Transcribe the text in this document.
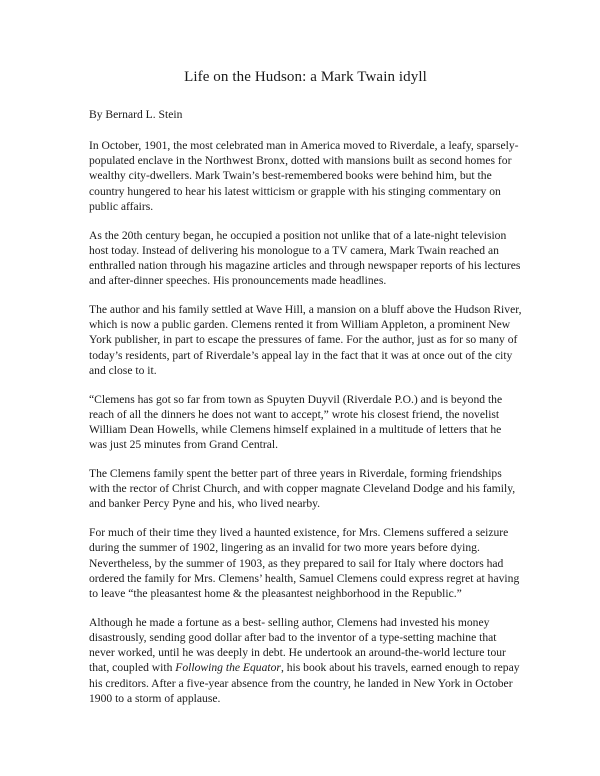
Life on the Hudson: a Mark Twain idyll

By Bernard L. Stein

In October, 1901, the most celebrated man in America moved to Riverdale, a leafy, sparsely-populated enclave in the Northwest Bronx, dotted with mansions built as second homes for wealthy city-dwellers. Mark Twain’s best-remembered books were behind him, but the country hungered to hear his latest witticism or grapple with his stinging commentary on public affairs.

As the 20th century began, he occupied a position not unlike that of a late-night television host today. Instead of delivering his monologue to a TV camera, Mark Twain reached an enthralled nation through his magazine articles and through newspaper reports of his lectures and after-dinner speeches. His pronouncements made headlines.

The author and his family settled at Wave Hill, a mansion on a bluff above the Hudson River, which is now a public garden. Clemens rented it from William Appleton, a prominent New York publisher, in part to escape the pressures of fame. For the author, just as for so many of today’s residents, part of Riverdale’s appeal lay in the fact that it was at once out of the city and close to it.

“Clemens has got so far from town as Spuyten Duyvil (Riverdale P.O.) and is beyond the reach of all the dinners he does not want to accept,” wrote his closest friend, the novelist William Dean Howells, while Clemens himself explained in a multitude of letters that he was just 25 minutes from Grand Central.

The Clemens family spent the better part of three years in Riverdale, forming friendships with the rector of Christ Church, and with copper magnate Cleveland Dodge and his family, and banker Percy Pyne and his, who lived nearby.

For much of their time they lived a haunted existence, for Mrs. Clemens suffered a seizure during the summer of 1902, lingering as an invalid for two more years before dying. Nevertheless, by the summer of 1903, as they prepared to sail for Italy where doctors had ordered the family for Mrs. Clemens’ health, Samuel Clemens could express regret at having to leave “the pleasantest home & the pleasantest neighborhood in the Republic.”

Although he made a fortune as a best- selling author, Clemens had invested his money disastrously, sending good dollar after bad to the inventor of a type-setting machine that never worked, until he was deeply in debt. He undertook an around-the-world lecture tour that, coupled with Following the Equator, his book about his travels, earned enough to repay his creditors. After a five-year absence from the country, he landed in New York in October 1900 to a storm of applause.
